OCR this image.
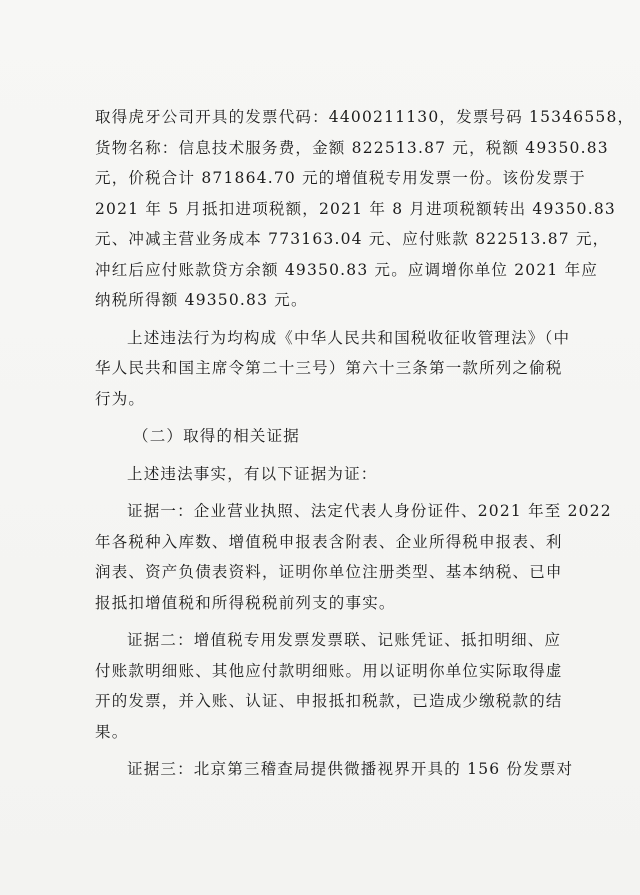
取得虎牙公司开具的发票代码：4400211130，发票号码 15346558，
货物名称：信息技术服务费，金额 822513.87 元，税额 49350.83
元，价税合计 871864.70 元的增值税专用发票一份。该份发票于
2021 年 5 月抵扣进项税额，2021 年 8 月进项税额转出 49350.83
元、冲减主营业务成本 773163.04 元、应付账款 822513.87 元，
冲红后应付账款贷方余额 49350.83 元。应调增你单位 2021 年应
纳税所得额 49350.83 元。

上述违法行为均构成《中华人民共和国税收征收管理法》（中
华人民共和国主席令第二十三号）第六十三条第一款所列之偷税
行为。

（二）取得的相关证据

上述违法事实，有以下证据为证：

证据一：企业营业执照、法定代表人身份证件、2021 年至 2022
年各税种入库数、增值税申报表含附表、企业所得税申报表、利
润表、资产负债表资料，证明你单位注册类型、基本纳税、已申
报抵扣增值税和所得税税前列支的事实。

证据二：增值税专用发票发票联、记账凭证、抵扣明细、应
付账款明细账、其他应付款明细账。用以证明你单位实际取得虚
开的发票，并入账、认证、申报抵扣税款，已造成少缴税款的结
果。

证据三：北京第三稽查局提供微播视界开具的 156 份发票对
